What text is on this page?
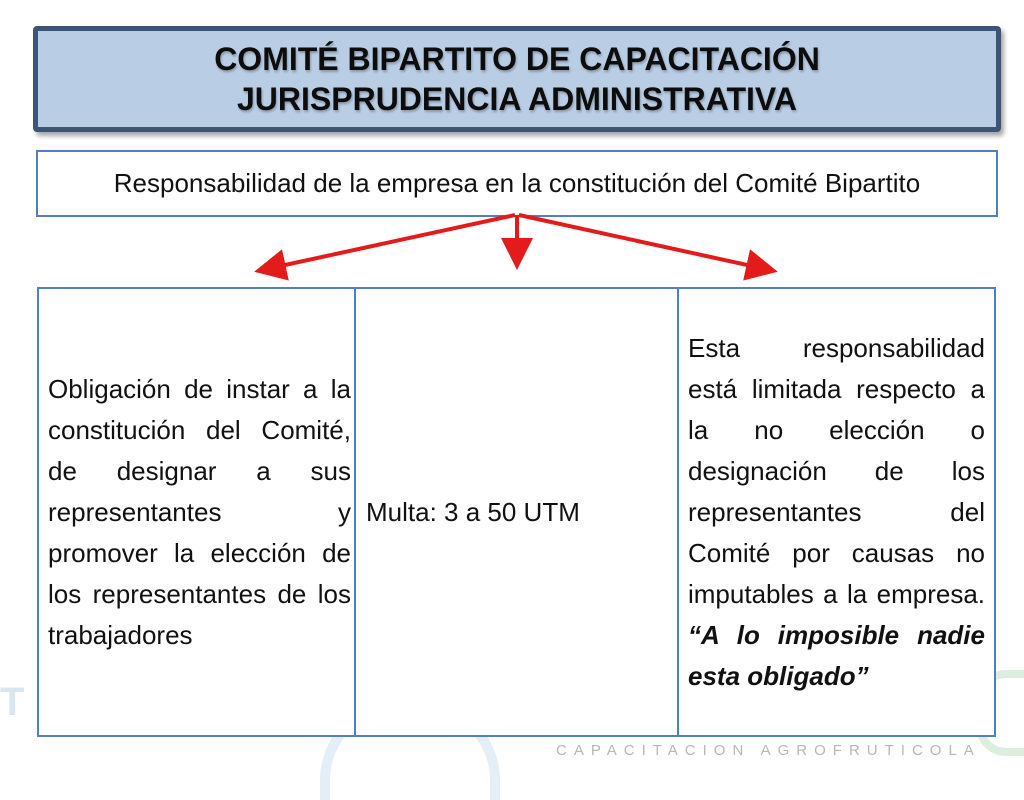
T
CAPACITACION AGROFRUTICOLA
COMITÉ BIPARTITO DE CAPACITACIÓN
JURISPRUDENCIA ADMINISTRATIVA
Responsabilidad de la empresa en la constitución del Comité Bipartito
Obligación de instar a la constitución del Comité, de designar a sus representantes y promover la elección de los representantes de los trabajadores
Multa: 3 a 50 UTM
Esta responsabilidad está limitada respecto a la no elección o designación de los representantes del Comité por causas no imputables a la empresa. “A lo imposible nadie esta obligado”
